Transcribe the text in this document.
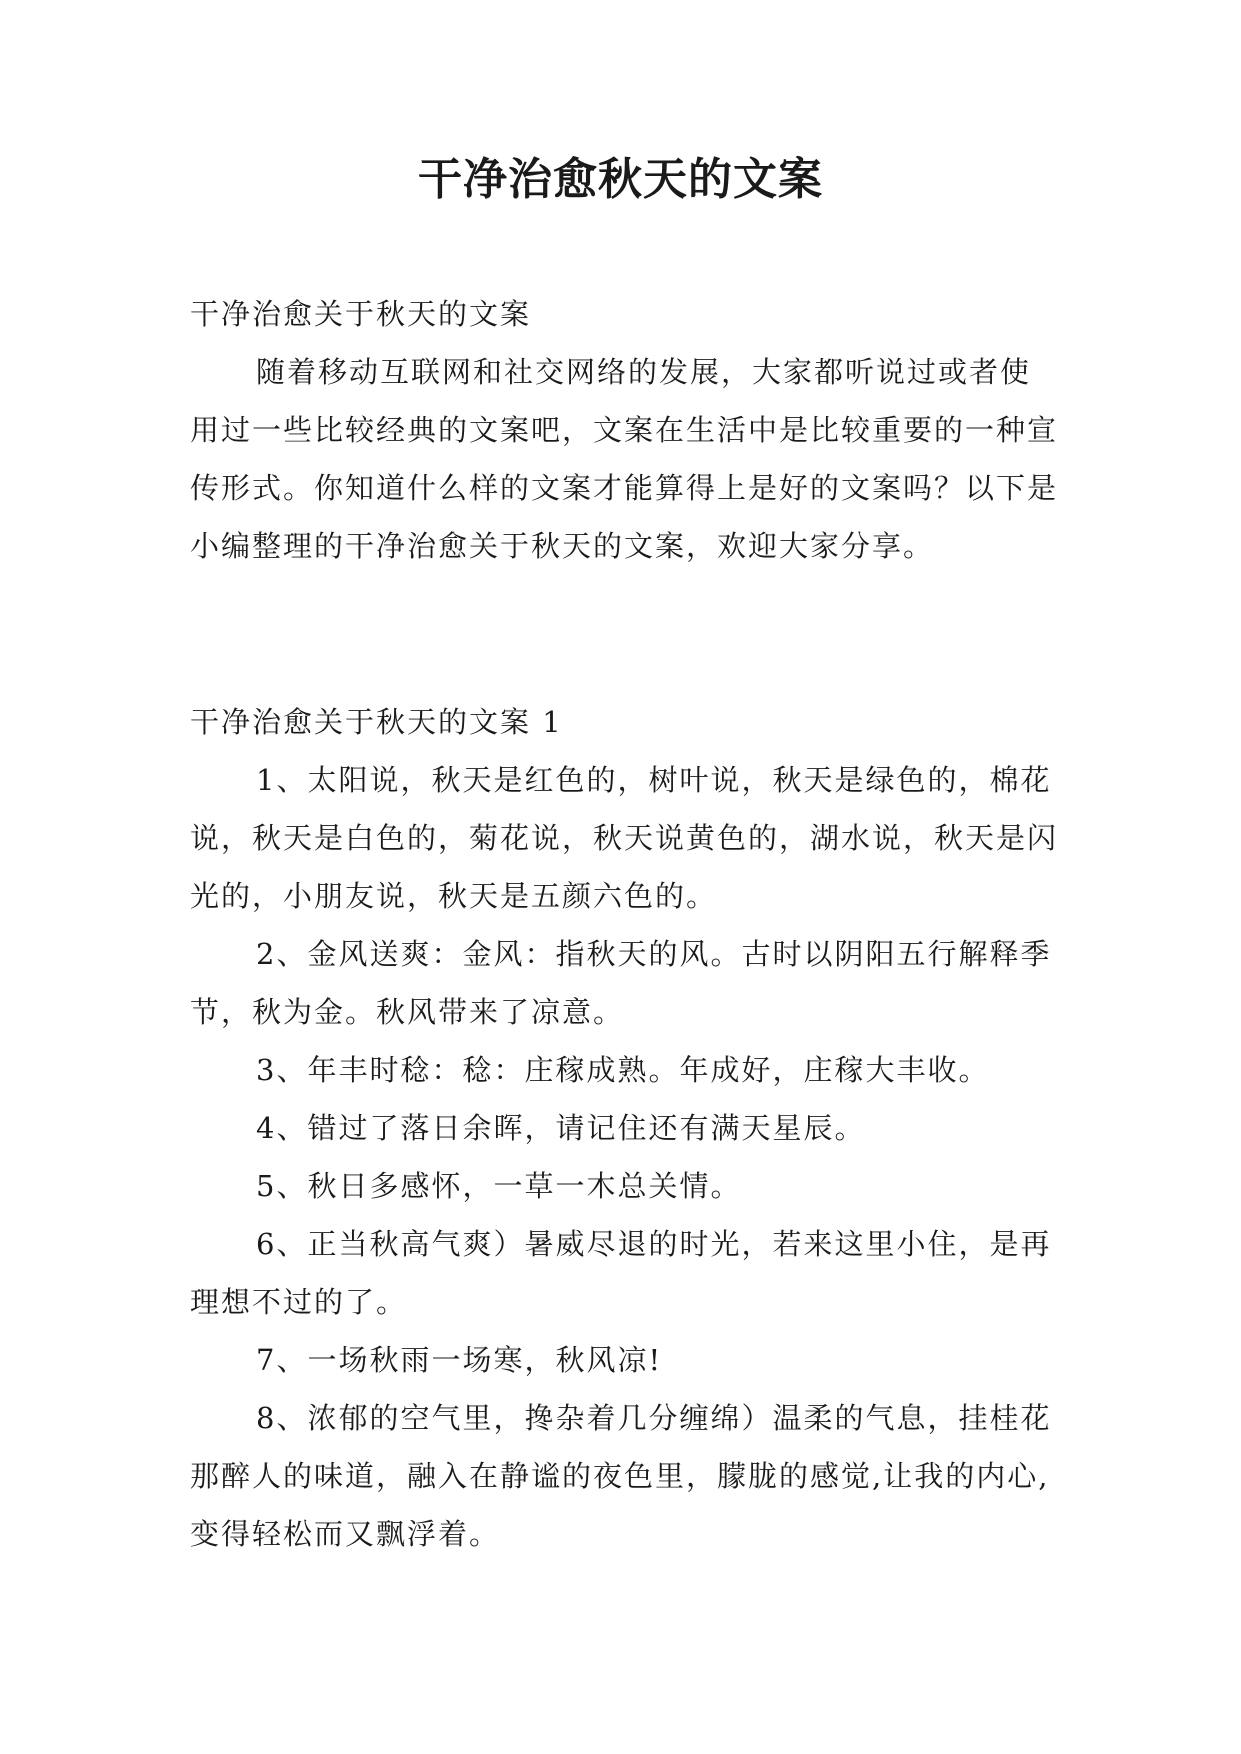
干净治愈秋天的文案

干净治愈关于秋天的文案

随着移动互联网和社交网络的发展，大家都听说过或者使用过一些比较经典的文案吧，文案在生活中是比较重要的一种宣传形式。你知道什么样的文案才能算得上是好的文案吗？以下是小编整理的干净治愈关于秋天的文案，欢迎大家分享。

干净治愈关于秋天的文案 1

1、太阳说，秋天是红色的，树叶说，秋天是绿色的，棉花说，秋天是白色的，菊花说，秋天说黄色的，湖水说，秋天是闪光的，小朋友说，秋天是五颜六色的。

2、金风送爽：金风：指秋天的风。古时以阴阳五行解释季节，秋为金。秋风带来了凉意。

3、年丰时稔：稔：庄稼成熟。年成好，庄稼大丰收。

4、错过了落日余晖，请记住还有满天星辰。

5、秋日多感怀，一草一木总关情。

6、正当秋高气爽）暑威尽退的时光，若来这里小住，是再理想不过的了。

7、一场秋雨一场寒，秋风凉!

8、浓郁的空气里，搀杂着几分缠绵）温柔的气息，挂桂花那醉人的味道，融入在静谧的夜色里，朦胧的感觉,让我的内心,变得轻松而又飘浮着。
